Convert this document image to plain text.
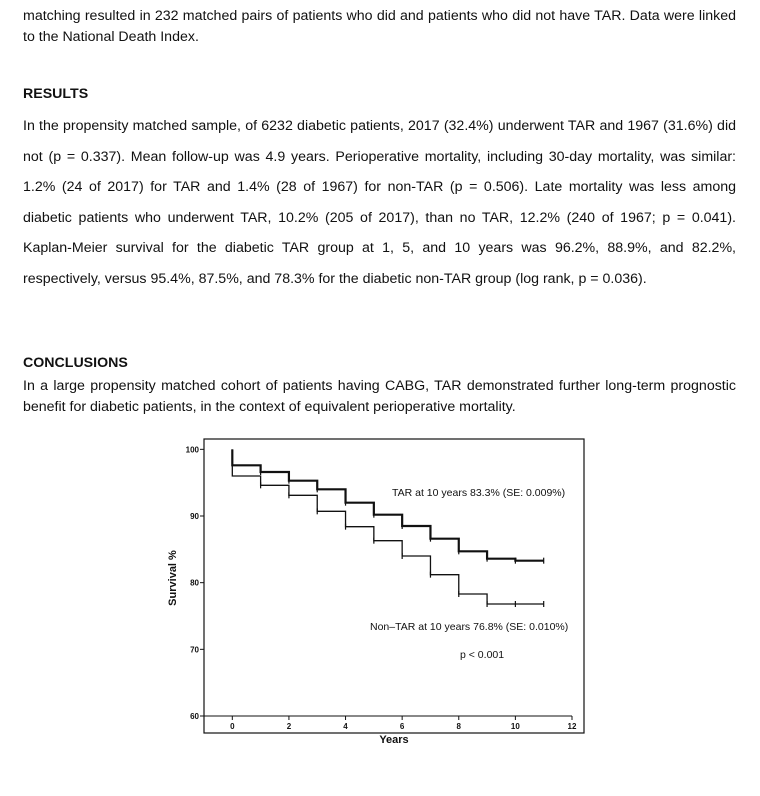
matching resulted in 232 matched pairs of patients who did and patients who did not have TAR. Data were linked to the National Death Index.

RESULTS

In the propensity matched sample, of 6232 diabetic patients, 2017 (32.4%) underwent TAR and 1967 (31.6%) did not (p = 0.337). Mean follow-up was 4.9 years. Perioperative mortality, including 30-day mortality, was similar: 1.2% (24 of 2017) for TAR and 1.4% (28 of 1967) for non-TAR (p = 0.506). Late mortality was less among diabetic patients who underwent TAR, 10.2% (205 of 2017), than no TAR, 12.2% (240 of 1967; p = 0.041). Kaplan-Meier survival for the diabetic TAR group at 1, 5, and 10 years was 96.2%, 88.9%, and 82.2%, respectively, versus 95.4%, 87.5%, and 78.3% for the diabetic non-TAR group (log rank, p = 0.036).

CONCLUSIONS

In a large propensity matched cohort of patients having CABG, TAR demonstrated further long-term prognostic benefit for diabetic patients, in the context of equivalent perioperative mortality.

60
70
80
90
100
0	2	4	6	8	10	12
Survival %
Years
TAR at 10 years 83.3% (SE: 0.009%)
Non–TAR at 10 years 76.8% (SE: 0.010%)
p < 0.001
